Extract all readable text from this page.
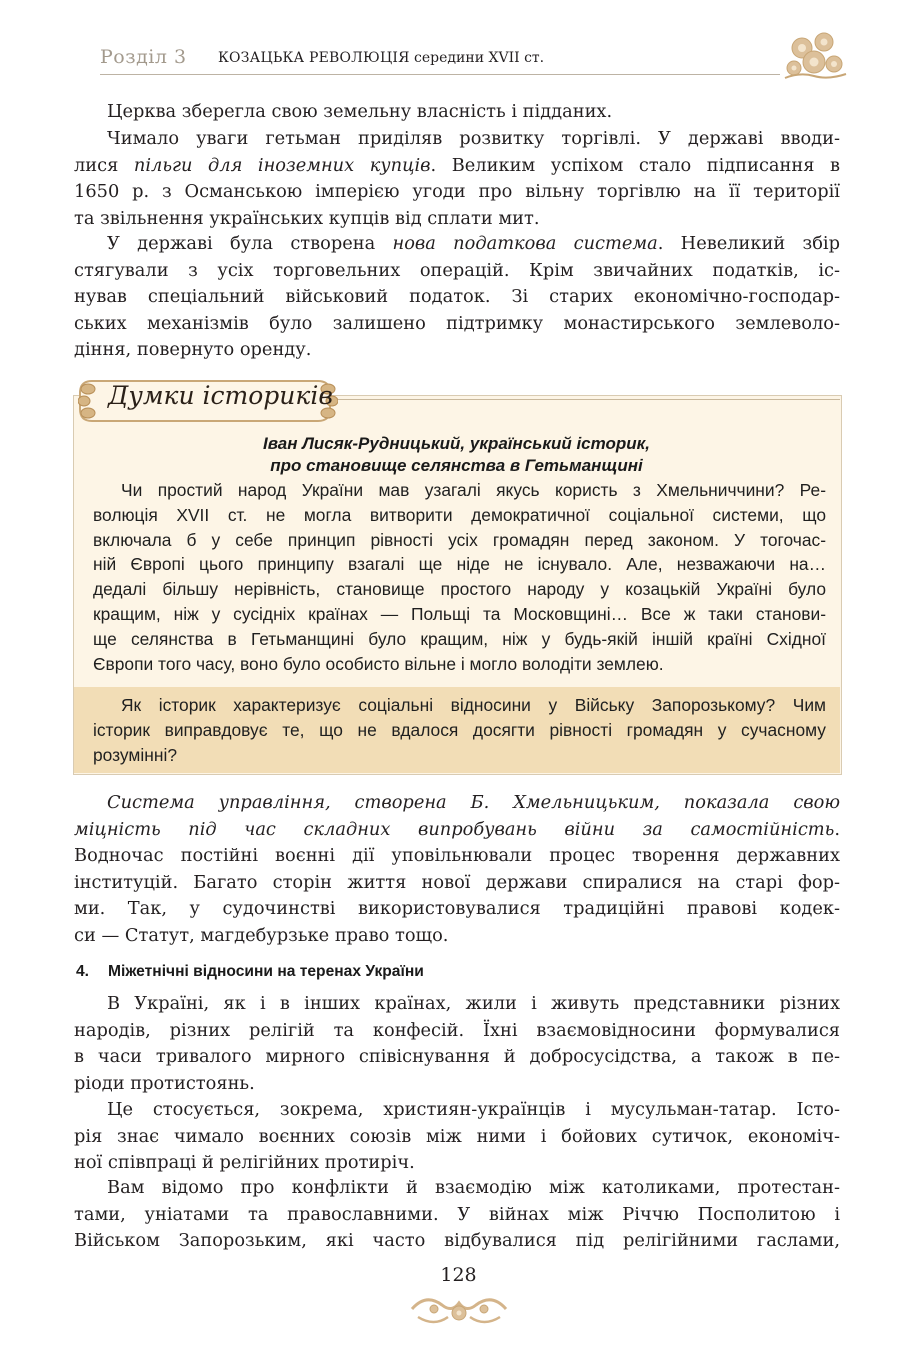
Розділ 3 КОЗАЦЬКА РЕВОЛЮЦІЯ середини XVII ст.
Церква зберегла свою земельну власність і підданих.
Чимало уваги гетьман приділяв розвитку торгівлі. У державі вводи-
лися пільги для іноземних купців. Великим успіхом стало підписання в
1650 р. з Османською імперією угоди про вільну торгівлю на її території
та звільнення українських купців від сплати мит.
У державі була створена нова податкова система. Невеликий збір
стягували з усіх торговельних операцій. Крім звичайних податків, іс-
нував спеціальний військовий податок. Зі старих економічно-господар-
ських механізмів було залишено підтримку монастирського землеволо-
діння, повернуто оренду.
Думки істориків
Іван Лисяк-Рудницький, український історик,
про становище селянства в Гетьманщині
Чи простий народ України мав узагалі якусь користь з Хмельниччини? Ре-
волюція XVII ст. не могла витворити демократичної соціальної системи, що
включала б у себе принцип рівності усіх громадян перед законом. У тогочас-
ній Європі цього принципу взагалі ще ніде не існувало. Але, незважаючи на…
дедалі більшу нерівність, становище простого народу у козацькій Україні було
кращим, ніж у сусідніх країнах — Польщі та Московщині… Все ж таки станови-
ще селянства в Гетьманщині було кращим, ніж у будь-якій іншій країні Східної
Європи того часу, воно було особисто вільне і могло володіти землею.
Як історик характеризує соціальні відносини у Війську Запорозькому? Чим
історик виправдовує те, що не вдалося досягти рівності громадян у сучасному
розумінні?
Система управління, створена Б. Хмельницьким, показала свою
міцність під час складних випробувань війни за самостійність.
Водночас постійні воєнні дії уповільнювали процес творення державних
інституцій. Багато сторін життя нової держави спиралися на старі фор-
ми. Так, у судочинстві використовувалися традиційні правові кодек-
си — Статут, магдебурзьке право тощо.
4. Міжетнічні відносини на теренах України
В Україні, як і в інших країнах, жили і живуть представники різних
народів, різних релігій та конфесій. Їхні взаємовідносини формувалися
в часи тривалого мирного співіснування й добросусідства, а також в пе-
ріоди протистоянь.
Це стосується, зокрема, християн-українців і мусульман-татар. Істо-
рія знає чимало воєнних союзів між ними і бойових сутичок, економіч-
ної співпраці й релігійних протиріч.
Вам відомо про конфлікти й взаємодію між католиками, протестан-
тами, уніатами та православними. У війнах між Річчю Посполитою і
Військом Запорозьким, які часто відбувалися під релігійними гаслами,
128
